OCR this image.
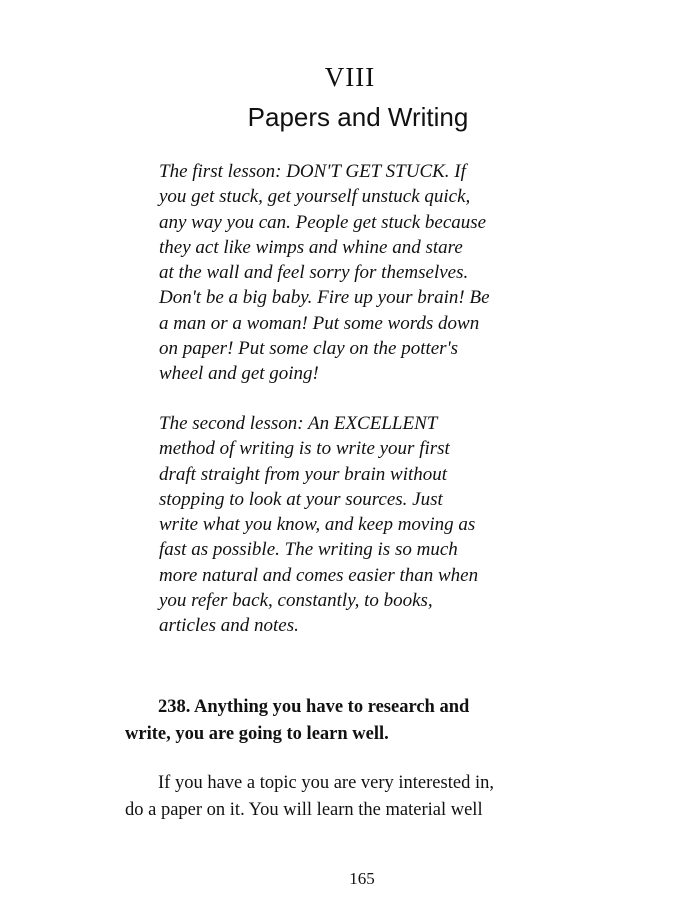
VIII
Papers and Writing

The first lesson: DON'T GET STUCK. If
you get stuck, get yourself unstuck quick,
any way you can. People get stuck because
they act like wimps and whine and stare
at the wall and feel sorry for themselves.
Don't be a big baby. Fire up your brain! Be
a man or a woman! Put some words down
on paper! Put some clay on the potter's
wheel and get going!

The second lesson: An EXCELLENT
method of writing is to write your first
draft straight from your brain without
stopping to look at your sources. Just
write what you know, and keep moving as
fast as possible. The writing is so much
more natural and comes easier than when
you refer back, constantly, to books,
articles and notes.

238. Anything you have to research and
write, you are going to learn well.

If you have a topic you are very interested in,
do a paper on it. You will learn the material well

165
